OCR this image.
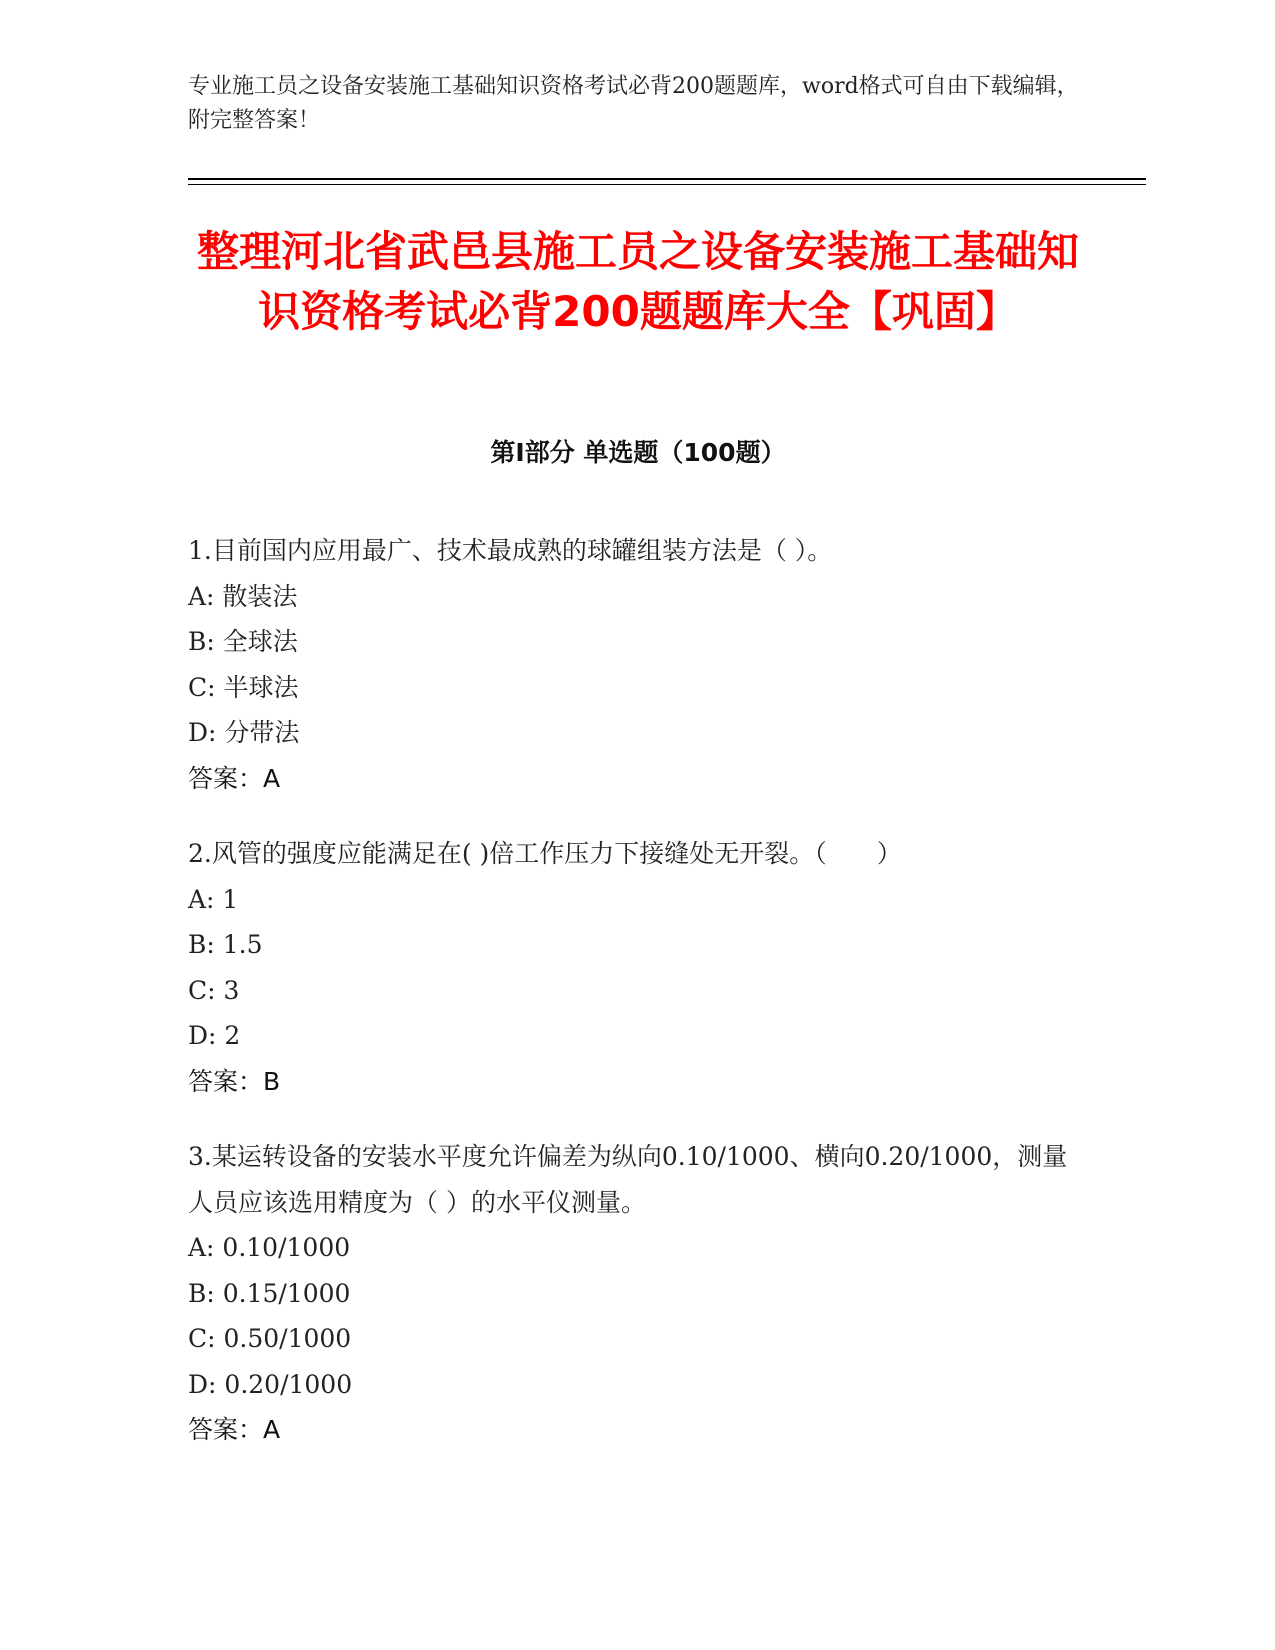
专业施工员之设备安装施工基础知识资格考试必背200题题库，word格式可自由下载编辑，附完整答案！

整理河北省武邑县施工员之设备安装施工基础知识资格考试必背200题题库大全【巩固】
第I部分 单选题（100题）

1.目前国内应用最广、技术最成熟的球罐组装方法是（ ）。

A: 散装法

B: 全球法

C: 半球法

D: 分带法

答案：A

2.风管的强度应能满足在( )倍工作压力下接缝处无开裂。（　　）

A: 1

B: 1.5

C: 3

D: 2

答案：B

3.某运转设备的安装水平度允许偏差为纵向0.10/1000、横向0.20/1000，测量人员应该选用精度为（ ）的水平仪测量。

A: 0.10/1000

B: 0.15/1000

C: 0.50/1000

D: 0.20/1000

答案：A
